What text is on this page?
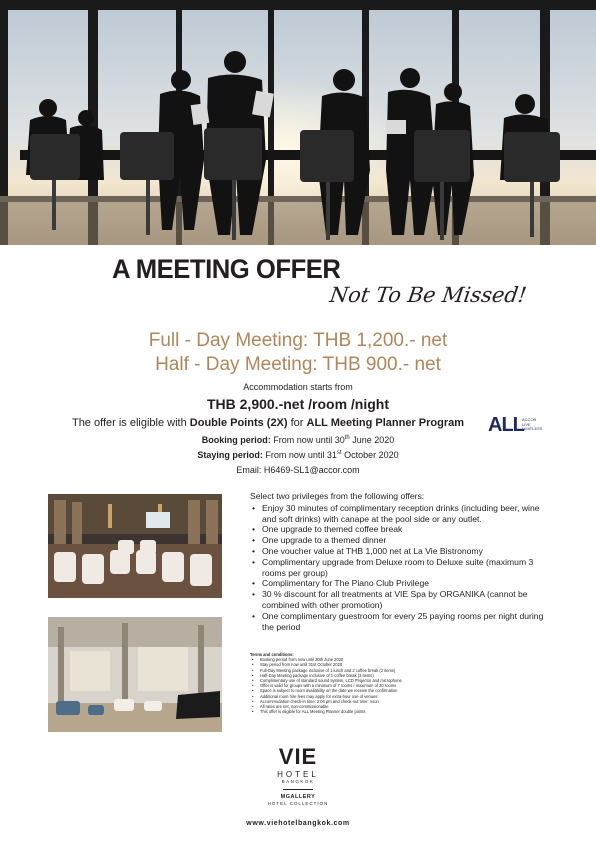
A MEETING OFFER
Not To Be Missed!
Full - Day Meeting: THB 1,200.- net
Half - Day Meeting: THB 900.- net
Accommodation starts from
THB 2,900.-net /room /night
The offer is eligible with Double Points (2X) for ALL Meeting Planner Program	ALL
ACCOR
LIVE
LIMITLESS
Booking period: From now until 30th June 2020
Staying period: From now until 31st October 2020
Email: H6469-SL1@accor.com
Select two privileges from the following offers:
• Enjoy 30 minutes of complimentary reception drinks (including beer, wine and soft drinks) with canape at the pool side or any outlet.
• One upgrade to themed coffee break
• One upgrade to a themed dinner
• One voucher value at THB 1,000 net at La Vie Bistronomy
• Complimentary upgrade from Deluxe room to Deluxe suite (maximum 3 rooms per group)
• Complimentary for The Piano Club Privilege
• 30 % discount for all treatments at VIE Spa by ORGANIKA (cannot be combined with other promotion)
• One complimentary guestroom for every 25 paying rooms per night during the period
Terms and conditions:
• Booking period from now until 30th June 2020
• Stay period from now until 31st October 2020
• Full-Day Meeting package inclusive of 1 lunch and 2 coffee break (2 items)
• Half-Day Meeting package inclusive of 1 coffee break (3 items)
• Complimentary use of standard sound system, LCD Projector and microphone
• Offer is valid for groups with a minimum of 7 rooms / maximum of 20 rooms
• Space is subject to room availability on the date we receive the confirmation
• Additional room hire fees may apply for extra-hour use of venues
• Accommodation check-in time: 2:00 pm and check-out time: noon
• All rates are net, non-commissionable
• This offer is eligible for ALL Meeting Planner double points
VIE
HOTEL
BANGKOK
MGALLERY
HOTEL COLLECTION
www.viehotelbangkok.com
